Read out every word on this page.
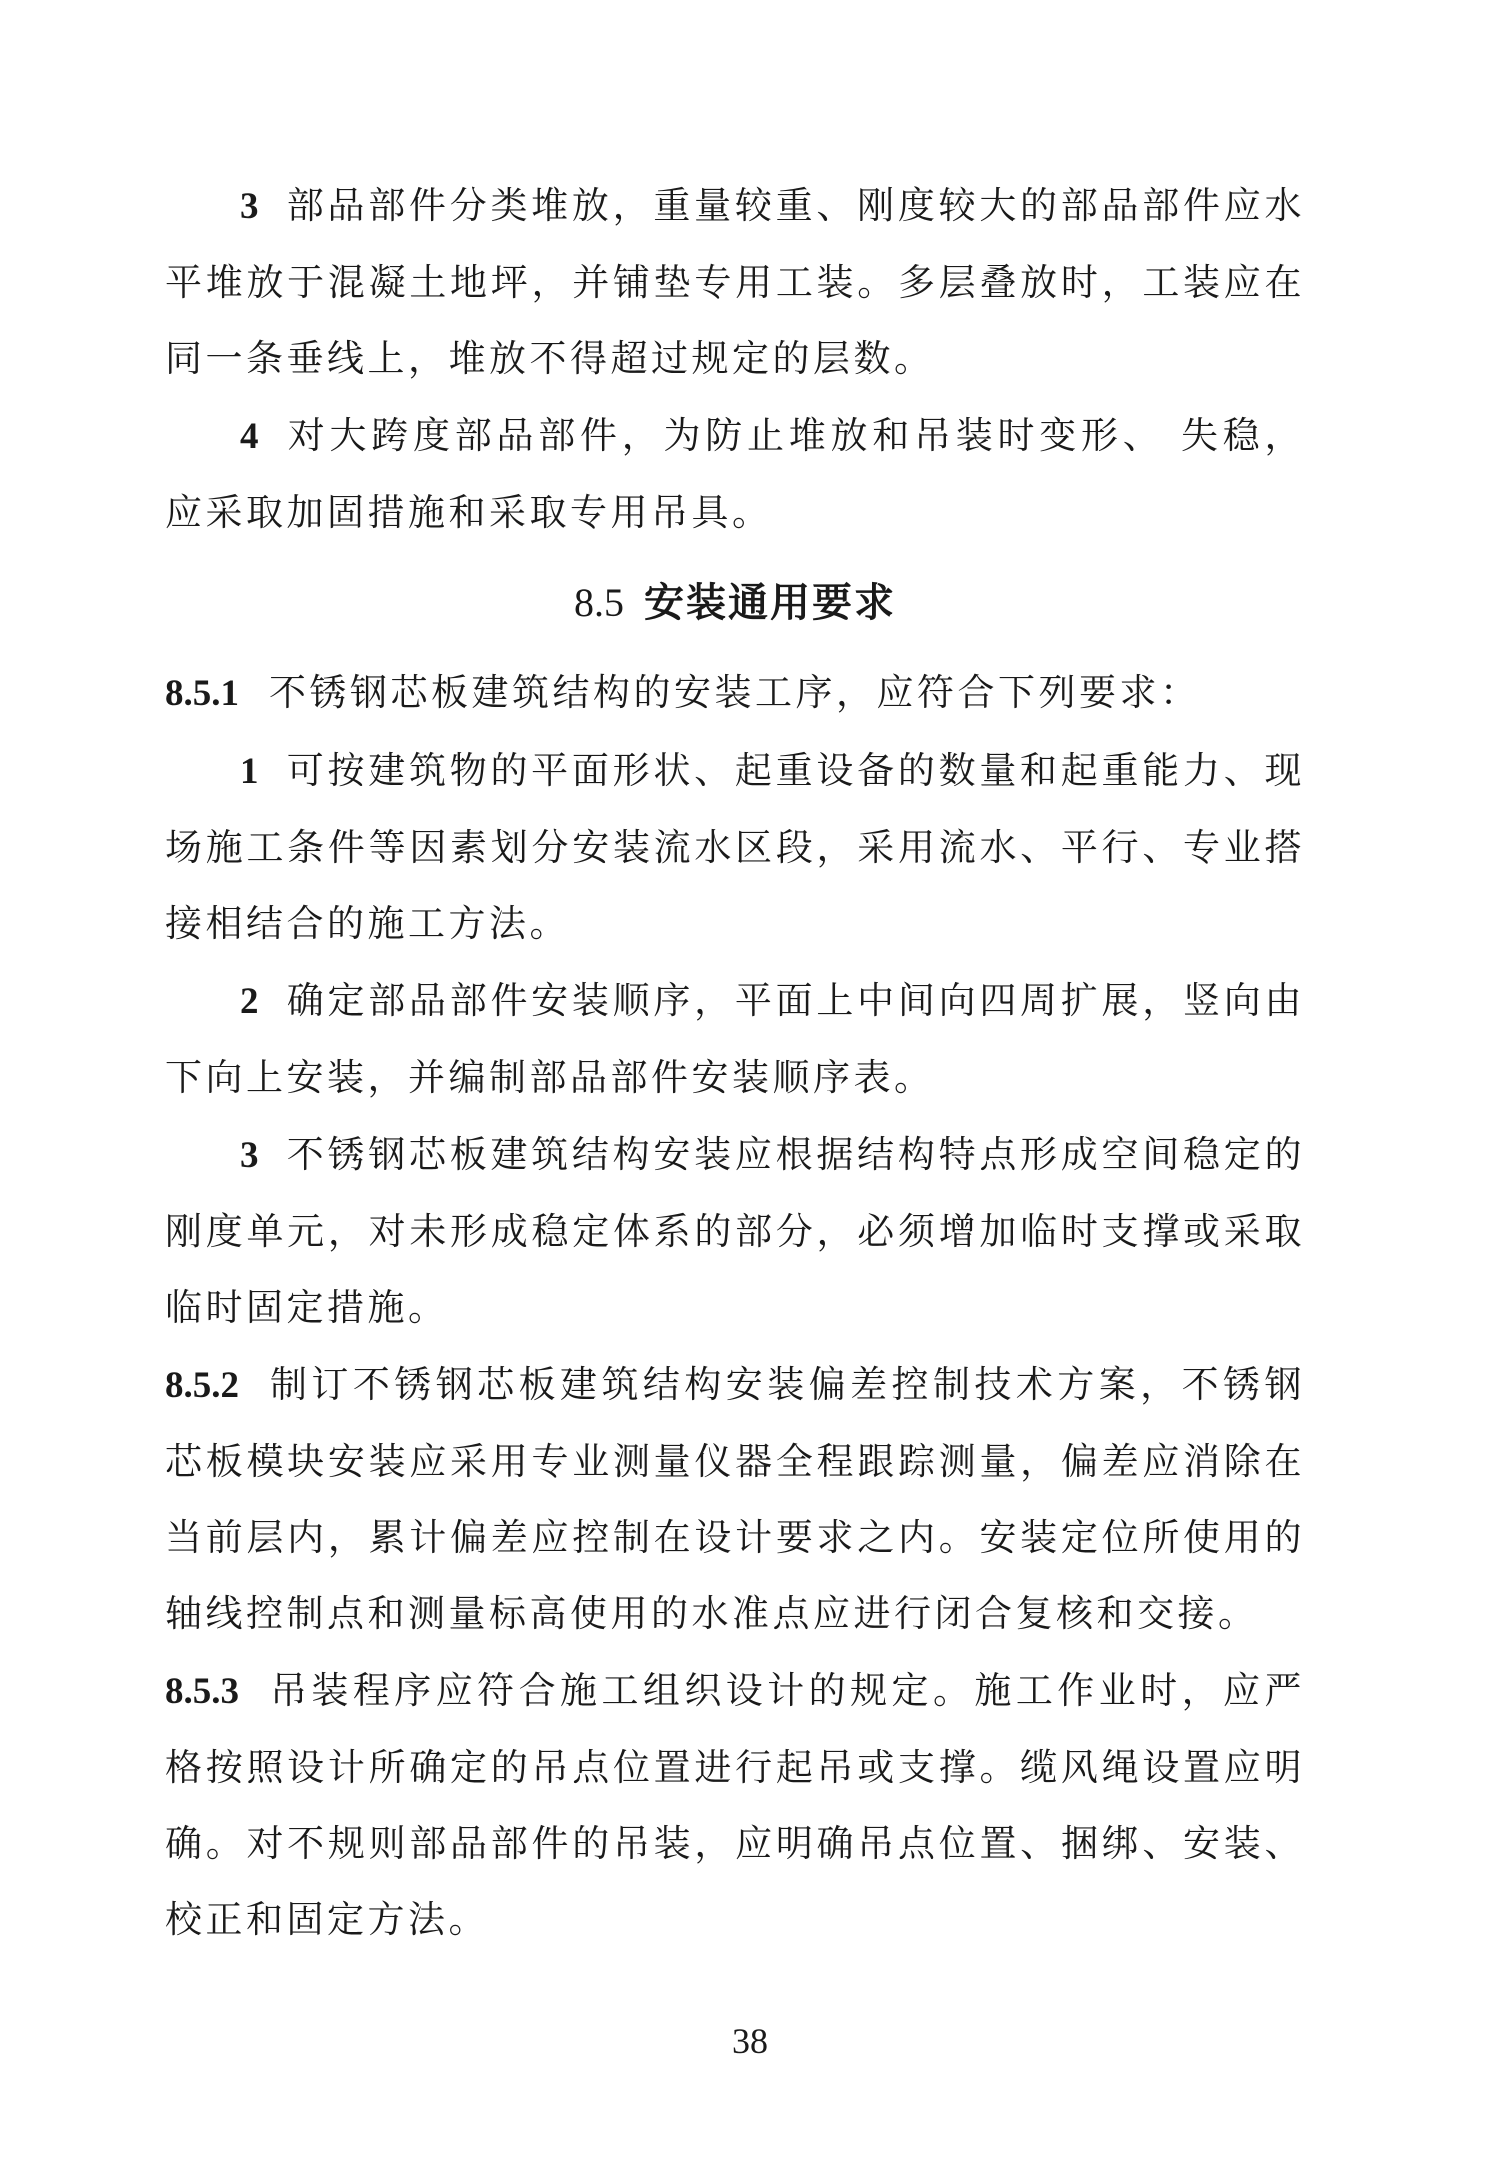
3 部品部件分类堆放，重量较重、刚度较大的部品部件应水平堆放于混凝土地坪，并铺垫专用工装。多层叠放时，工装应在同一条垂线上，堆放不得超过规定的层数。

4 对大跨度部品部件，为防止堆放和吊装时变形、 失稳，应采取加固措施和采取专用吊具。

8.5 安装通用要求

8.5.1 不锈钢芯板建筑结构的安装工序，应符合下列要求：

1 可按建筑物的平面形状、起重设备的数量和起重能力、现场施工条件等因素划分安装流水区段，采用流水、平行、专业搭接相结合的施工方法。

2 确定部品部件安装顺序，平面上中间向四周扩展，竖向由下向上安装，并编制部品部件安装顺序表。

3 不锈钢芯板建筑结构安装应根据结构特点形成空间稳定的刚度单元，对未形成稳定体系的部分，必须增加临时支撑或采取临时固定措施。

8.5.2 制订不锈钢芯板建筑结构安装偏差控制技术方案，不锈钢芯板模块安装应采用专业测量仪器全程跟踪测量，偏差应消除在当前层内，累计偏差应控制在设计要求之内。安装定位所使用的轴线控制点和测量标高使用的水准点应进行闭合复核和交接。

8.5.3 吊装程序应符合施工组织设计的规定。施工作业时，应严格按照设计所确定的吊点位置进行起吊或支撑。缆风绳设置应明确。对不规则部品部件的吊装，应明确吊点位置、捆绑、安装、校正和固定方法。

38
